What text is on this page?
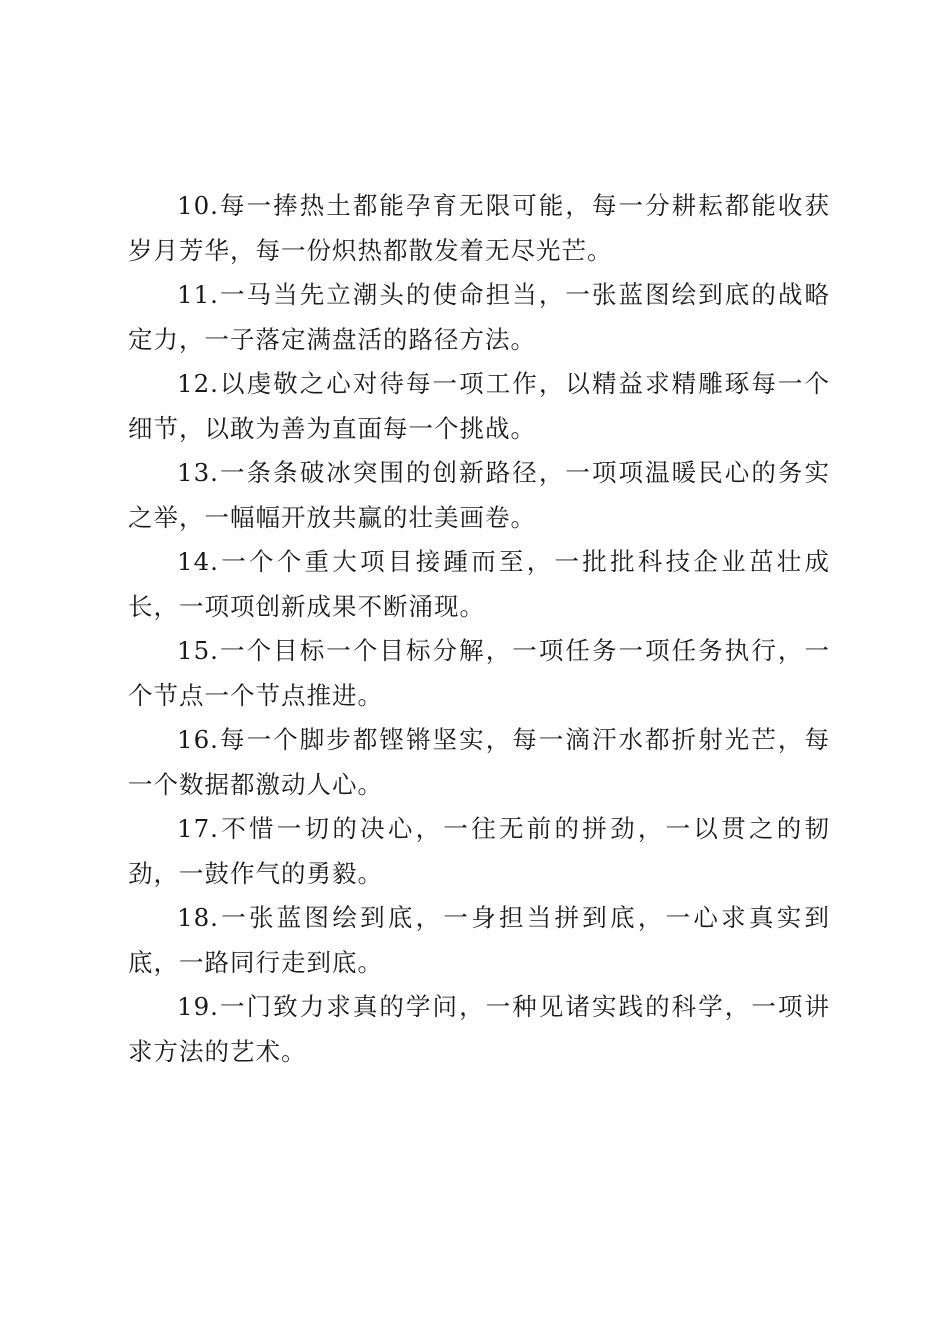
10.每一捧热土都能孕育无限可能，每一分耕耘都能收获岁月芳华，每一份炽热都散发着无尽光芒。

11.一马当先立潮头的使命担当，一张蓝图绘到底的战略定力，一子落定满盘活的路径方法。

12.以虔敬之心对待每一项工作，以精益求精雕琢每一个细节，以敢为善为直面每一个挑战。

13.一条条破冰突围的创新路径，一项项温暖民心的务实之举，一幅幅开放共赢的壮美画卷。

14.一个个重大项目接踵而至，一批批科技企业茁壮成长，一项项创新成果不断涌现。

15.一个目标一个目标分解，一项任务一项任务执行，一个节点一个节点推进。

16.每一个脚步都铿锵坚实，每一滴汗水都折射光芒，每一个数据都激动人心。

17.不惜一切的决心，一往无前的拼劲，一以贯之的韧劲，一鼓作气的勇毅。

18.一张蓝图绘到底，一身担当拼到底，一心求真实到底，一路同行走到底。

19.一门致力求真的学问，一种见诸实践的科学，一项讲求方法的艺术。
